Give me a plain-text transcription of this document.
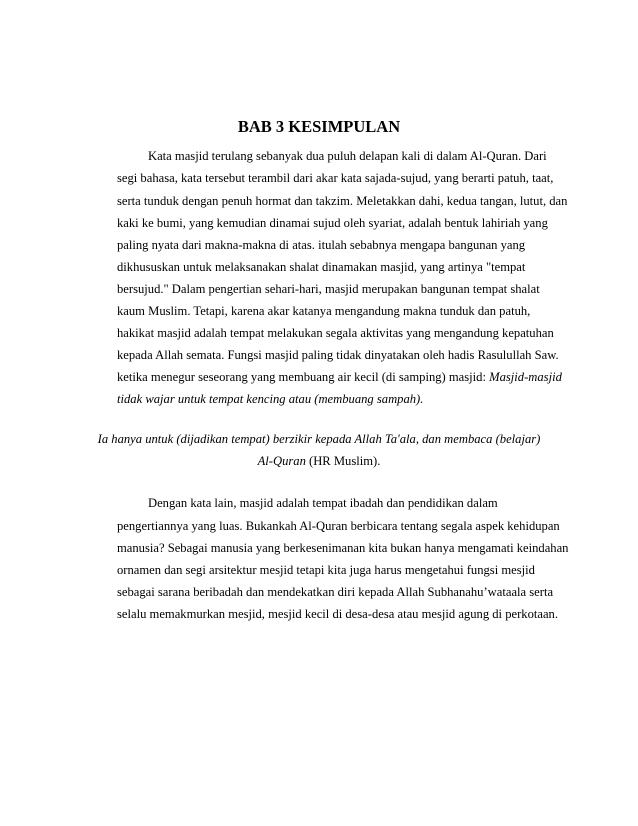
BAB 3 KESIMPULAN

Kata masjid terulang sebanyak dua puluh delapan kali di dalam Al-Quran. Dari

segi bahasa, kata tersebut terambil dari akar kata sajada-sujud, yang berarti patuh, taat,

serta tunduk dengan penuh hormat dan takzim. Meletakkan dahi, kedua tangan, lutut, dan

kaki ke bumi, yang kemudian dinamai sujud oleh syariat, adalah bentuk lahiriah yang

paling nyata dari makna-makna di atas. itulah sebabnya mengapa bangunan yang

dikhususkan untuk melaksanakan shalat dinamakan masjid, yang artinya "tempat

bersujud." Dalam pengertian sehari-hari, masjid merupakan bangunan tempat shalat

kaum Muslim. Tetapi, karena akar katanya mengandung makna tunduk dan patuh,

hakikat masjid adalah tempat melakukan segala aktivitas yang mengandung kepatuhan

kepada Allah semata. Fungsi masjid paling tidak dinyatakan oleh hadis Rasulullah Saw.

ketika menegur seseorang yang membuang air kecil (di samping) masjid: Masjid-masjid

tidak wajar untuk tempat kencing atau (membuang sampah).

Ia hanya untuk (dijadikan tempat) berzikir kepada Allah Ta'ala, dan membaca (belajar)

Al-Quran (HR Muslim).

Dengan kata lain, masjid adalah tempat ibadah dan pendidikan dalam

pengertiannya yang luas. Bukankah Al-Quran berbicara tentang segala aspek kehidupan

manusia? Sebagai manusia yang berkesenimanan kita bukan hanya mengamati keindahan

ornamen dan segi arsitektur mesjid tetapi kita juga harus mengetahui fungsi mesjid

sebagai sarana beribadah dan mendekatkan diri kepada Allah Subhanahu’wataala serta

selalu memakmurkan mesjid, mesjid kecil di desa-desa atau mesjid agung di perkotaan.
